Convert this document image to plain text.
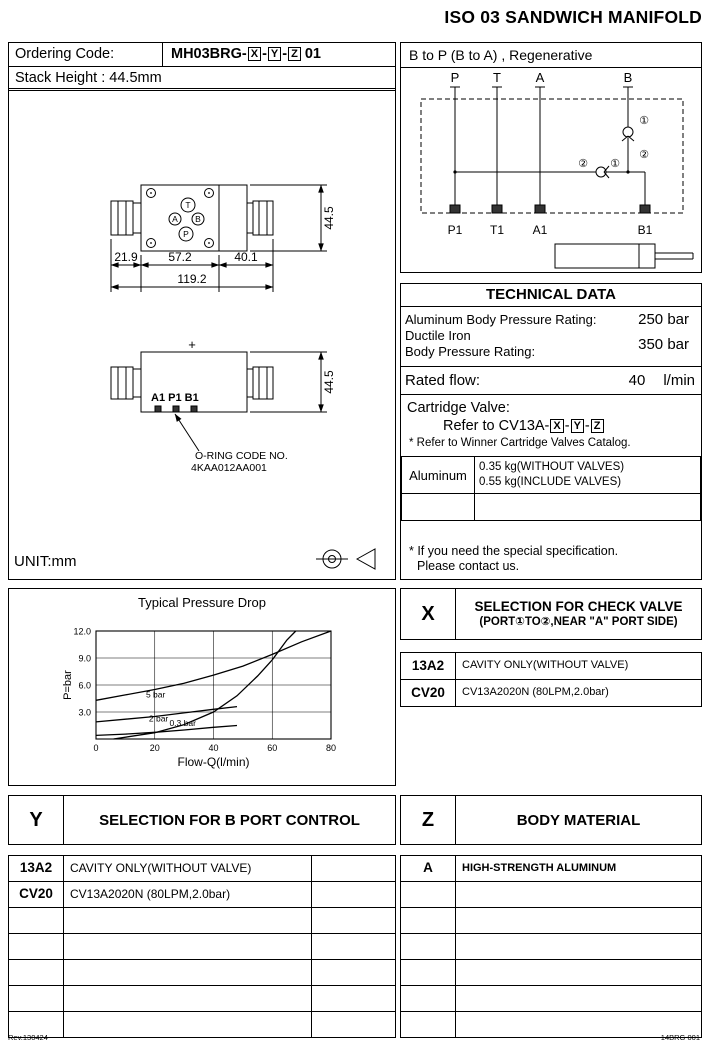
ISO 03 SANDWICH MANIFOLD
Ordering Code:	MH03BRG- X - Y - Z 01
Stack Height : 44.5mm
B to P (B to A) , Regenerative
P	T	A	B
①
②
② ①
P1 T1 A1	B1
T
A B
P
21.9	57.2	40.1
119.2
44.5
+
A1 P1 B1
O-RING CODE NO.
4KAA012AA001
44.5
UNIT:mm
TECHNICAL DATA
Aluminum Body Pressure Rating:	250 bar
Ductile Iron
Body Pressure Rating:	350 bar
Rated flow:	40 l/min
Cartridge Valve:
Refer to CV13A- X - Y - Z
* Refer to Winner Cartridge Valves Catalog.
Aluminum	0.35 kg(WITHOUT VALVES)
0.55 kg(INCLUDE VALVES)

* If you need the special specification.
Please contact us.
Typical Pressure Drop
3.0
6.0
9.0
12.0
0	20	40	60	80
5 bar
2 bar 0.3 bar
Flow-Q(l/min)
P=bar
X	SELECTION FOR CHECK VALVE
(PORT①TO②,NEAR "A" PORT SIDE)
13A2	CAVITY ONLY(WITHOUT VALVE)
CV20	CV13A2020N (80LPM,2.0bar)
Y	SELECTION FOR B PORT CONTROL
13A2	CAVITY ONLY(WITHOUT VALVE)
CV20	CV13A2020N (80LPM,2.0bar)
Z	BODY MATERIAL
A	HIGH-STRENGTH ALUMINUM
Rev.130424	14BRG 001
